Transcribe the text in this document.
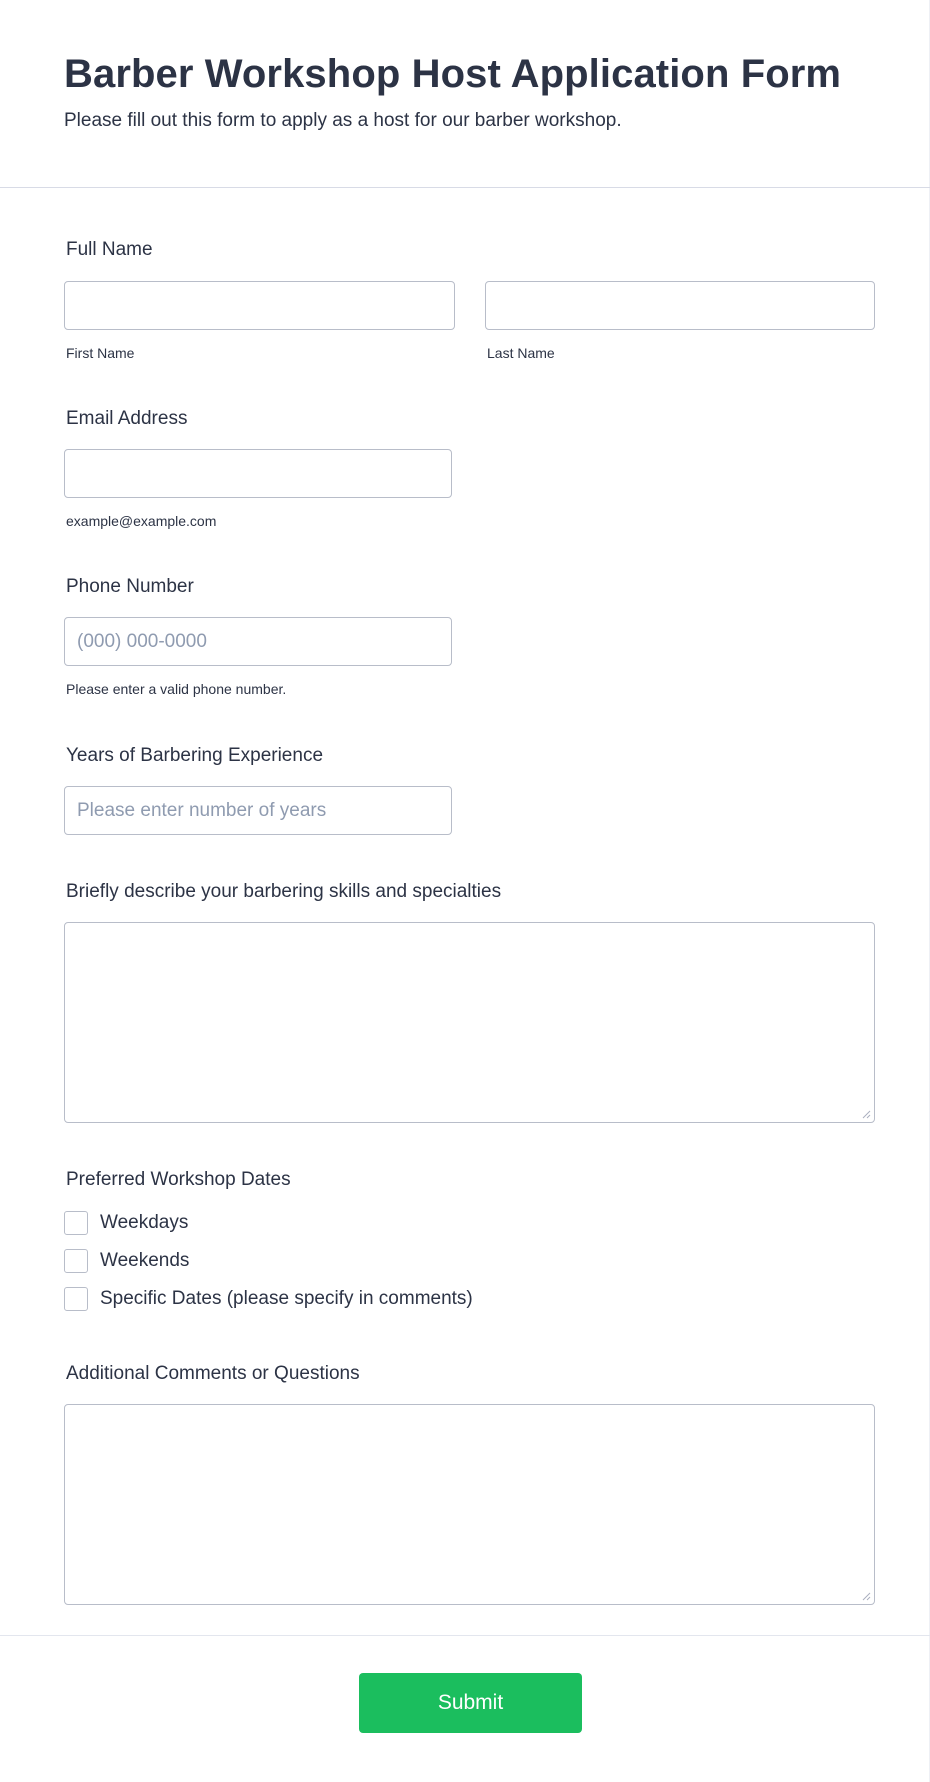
Barber Workshop Host Application Form

Please fill out this form to apply as a host for our barber workshop.

Full Name
First Name	Last Name
Email Address
example@example.com
Phone Number
(000) 000-0000
Please enter a valid phone number.
Years of Barbering Experience
Please enter number of years
Briefly describe your barbering skills and specialties
Preferred Workshop Dates
Weekdays
Weekends
Specific Dates (please specify in comments)
Additional Comments or Questions
Submit
